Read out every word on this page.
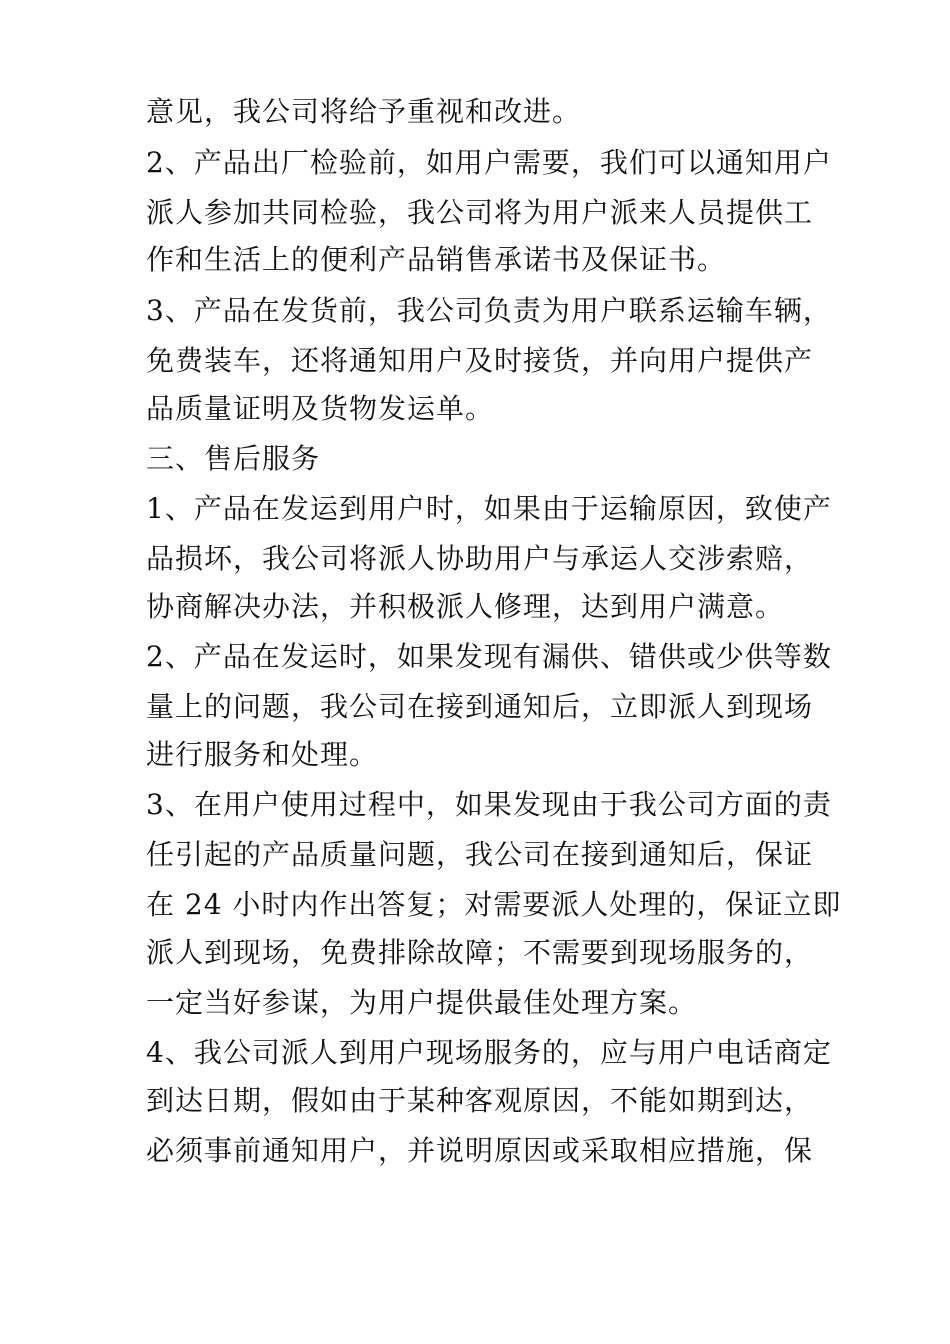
意见，我公司将给予重视和改进。
2、产品出厂检验前，如用户需要，我们可以通知用户
派人参加共同检验，我公司将为用户派来人员提供工
作和生活上的便利产品销售承诺书及保证书。
3、产品在发货前，我公司负责为用户联系运输车辆，
免费装车，还将通知用户及时接货，并向用户提供产
品质量证明及货物发运单。
三、售后服务
1、产品在发运到用户时，如果由于运输原因，致使产
品损坏，我公司将派人协助用户与承运人交涉索赔，
协商解决办法，并积极派人修理，达到用户满意。
2、产品在发运时，如果发现有漏供、错供或少供等数
量上的问题，我公司在接到通知后，立即派人到现场
进行服务和处理。
3、在用户使用过程中，如果发现由于我公司方面的责
任引起的产品质量问题，我公司在接到通知后，保证
在 24 小时内作出答复；对需要派人处理的，保证立即
派人到现场，免费排除故障；不需要到现场服务的，
一定当好参谋，为用户提供最佳处理方案。
4、我公司派人到用户现场服务的，应与用户电话商定
到达日期，假如由于某种客观原因，不能如期到达，
必须事前通知用户，并说明原因或采取相应措施，保
